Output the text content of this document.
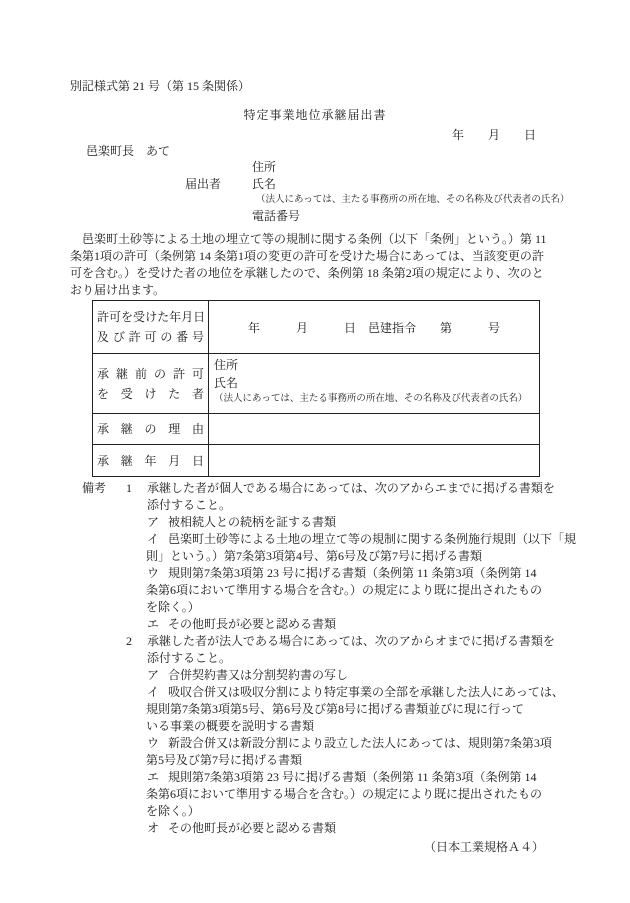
別記様式第 21 号（第 15 条関係）
特定事業地位承継届出書
年　　月　　日
邑楽町長　あて
住所
届出者	氏名
（法人にあっては、主たる事務所の所在地、その名称及び代表者の氏名）
電話番号
　邑楽町土砂等による土地の埋立て等の規制に関する条例（以下「条例」という。）第 11
条第1項の許可（条例第 14 条第1項の変更の許可を受けた場合にあっては、当該変更の許
可を含む。）を受けた者の地位を承継したので、条例第 18 条第2項の規定により、次のと
おり届け出ます。
許 可 を 受 け た 年 月 日
及 び 許 可 の 番 号
年　　　月　　　日　邑建指令　　第　　　号
承 継 前 の 許 可
を 受 け た 者
住所
氏名
（法人にあっては、主たる事務所の所在地、その名称及び代表者の氏名）
承 継 の 理 由
承 継 年 月 日
備考 1 承継した者が個人である場合にあっては、次のアからエまでに掲げる書類を
添付すること。
ア 被相続人との続柄を証する書類
イ 邑楽町土砂等による土地の埋立て等の規制に関する条例施行規則（以下「規
則」という。）第7条第3項第4号、第6号及び第7号に掲げる書類
ウ 規則第7条第3項第 23 号に掲げる書類（条例第 11 条第3項（条例第 14
条第6項において準用する場合を含む。）の規定により既に提出されたもの
を除く。）
エ その他町長が必要と認める書類
2 承継した者が法人である場合にあっては、次のアからオまでに掲げる書類を
添付すること。
ア 合併契約書又は分割契約書の写し
イ 吸収合併又は吸収分割により特定事業の全部を承継した法人にあっては、
規則第7条第3項第5号、第6号及び第8号に掲げる書類並びに現に行って
いる事業の概要を説明する書類
ウ 新設合併又は新設分割により設立した法人にあっては、規則第7条第3項
第5号及び第7号に掲げる書類
エ 規則第7条第3項第 23 号に掲げる書類（条例第 11 条第3項（条例第 14
条第6項において準用する場合を含む。）の規定により既に提出されたもの
を除く。）
オ その他町長が必要と認める書類
（日本工業規格Ａ４）
